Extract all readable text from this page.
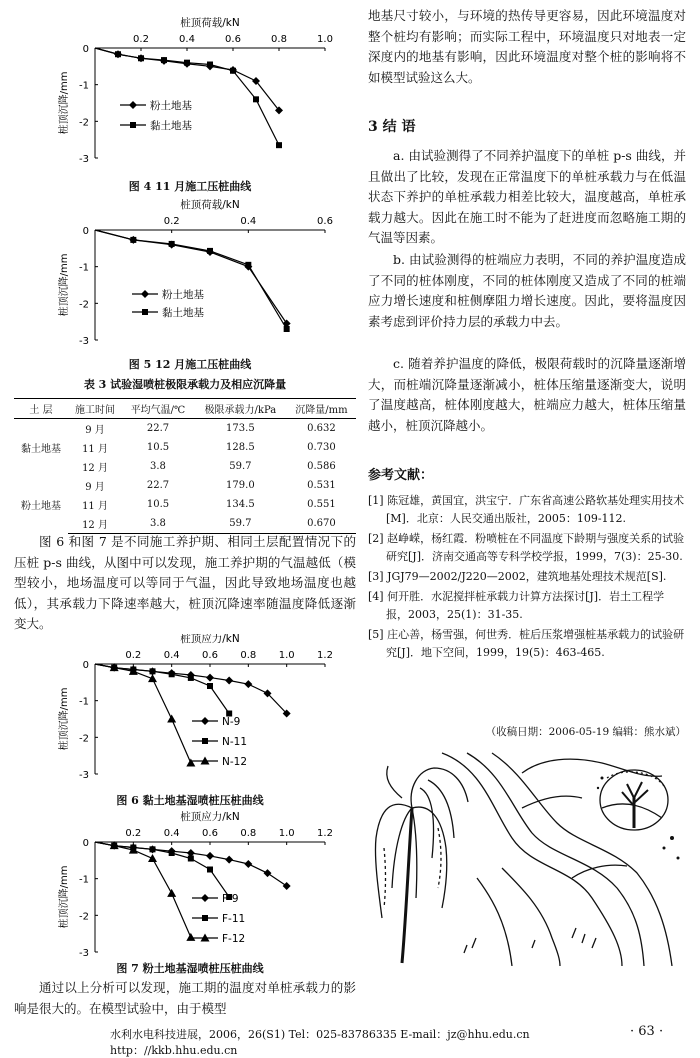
桩顶荷载/kN
0.2	0.4	0.6	0.8	1.0
0
-1
-2
-3
桩顶沉降/mm	粉土地基
黏土地基
图 4 11 月施工压桩曲线
桩顶荷载/kN
0.2	0.4	0.6
0
-1
-2
-3
桩顶沉降/mm	粉土地基
黏土地基
图 5 12 月施工压桩曲线
表 3 试验湿喷桩极限承载力及相应沉降量
土 层	施工时间	平均气温/℃	极限承载力/kPa	沉降量/mm
黏土地基	9 月	22.7	173.5	0.632
	11 月	10.5	128.5	0.730
	12 月	3.8	59.7	0.586
粉土地基	9 月	22.7	179.0	0.531
	11 月	10.5	134.5	0.551
	12 月	3.8	59.7	0.670

图 6 和图 7 是不同施工养护期、相同土层配置情况下的压桩 p-s 曲线，从图中可以发现，施工养护期的气温越低（模型较小，地场温度可以等同于气温，因此导致地场温度也越低），其承载力下降速率越大，桩顶沉降速率随温度降低逐渐变大。

桩顶应力/kN
0.2 0.4 0.6 0.8 1.0 1.2
0
-1
-2
-3
桩顶沉降/mm	N-9
N-11
N-12
图 6 黏土地基湿喷桩压桩曲线
桩顶应力/kN
0.2 0.4 0.6 0.8 1.0 1.2
0
-1
-2
-3
桩顶沉降/mm	F-9
F-11
F-12
图 7 粉土地基湿喷桩压桩曲线

通过以上分析可以发现，施工期的温度对单桩承载力的影响是很大的。在模型试验中，由于模型

地基尺寸较小，与环境的热传导更容易，因此环境温度对整个桩均有影响；而实际工程中，环境温度只对地表一定深度内的地基有影响，因此环境温度对整个桩的影响将不如模型试验这么大。

3 结 语

a. 由试验测得了不同养护温度下的单桩 p-s 曲线，并且做出了比较，发现在正常温度下的单桩承载力与在低温状态下养护的单桩承载力相差比较大，温度越高，单桩承载力越大。因此在施工时不能为了赶进度而忽略施工期的气温等因素。

b. 由试验测得的桩端应力表明，不同的养护温度造成了不同的桩体刚度，不同的桩体刚度又造成了不同的桩端应力增长速度和桩侧摩阻力增长速度。因此，要将温度因素考虑到评价持力层的承载力中去。

c. 随着养护温度的降低，极限荷载时的沉降量逐渐增大，而桩端沉降量逐渐减小，桩体压缩量逐渐变大，说明了温度越高，桩体刚度越大，桩端应力越大，桩体压缩量越小，桩顶沉降越小。

参考文献：
[1] 陈冠雄，黄国宜，洪宝宁．广东省高速公路软基处理实用技术[M]．北京：人民交通出版社，2005：109-112.
[2] 赵峥嵘，杨红霞．粉喷桩在不同温度下龄期与强度关系的试验研究[J]．济南交通高等专科学校学报，1999，7(3)：25-30.
[3] JGJ79—2002/J220—2002，建筑地基处理技术规范[S].
[4] 何开胜．水泥搅拌桩承载力计算方法探讨[J]．岩土工程学报，2003，25(1)：31-35.
[5] 庄心善，杨雪强，何世秀．桩后压浆增强桩基承载力的试验研究[J]．地下空间，1999，19(5)：463-465.
（收稿日期：2006-05-19 编辑：熊水斌）
水利水电科技进展，2006，26(S1) Tel：025-83786335 E-mail：jz@hhu.edu.cn http：//kkb.hhu.edu.cn
· 63 ·
